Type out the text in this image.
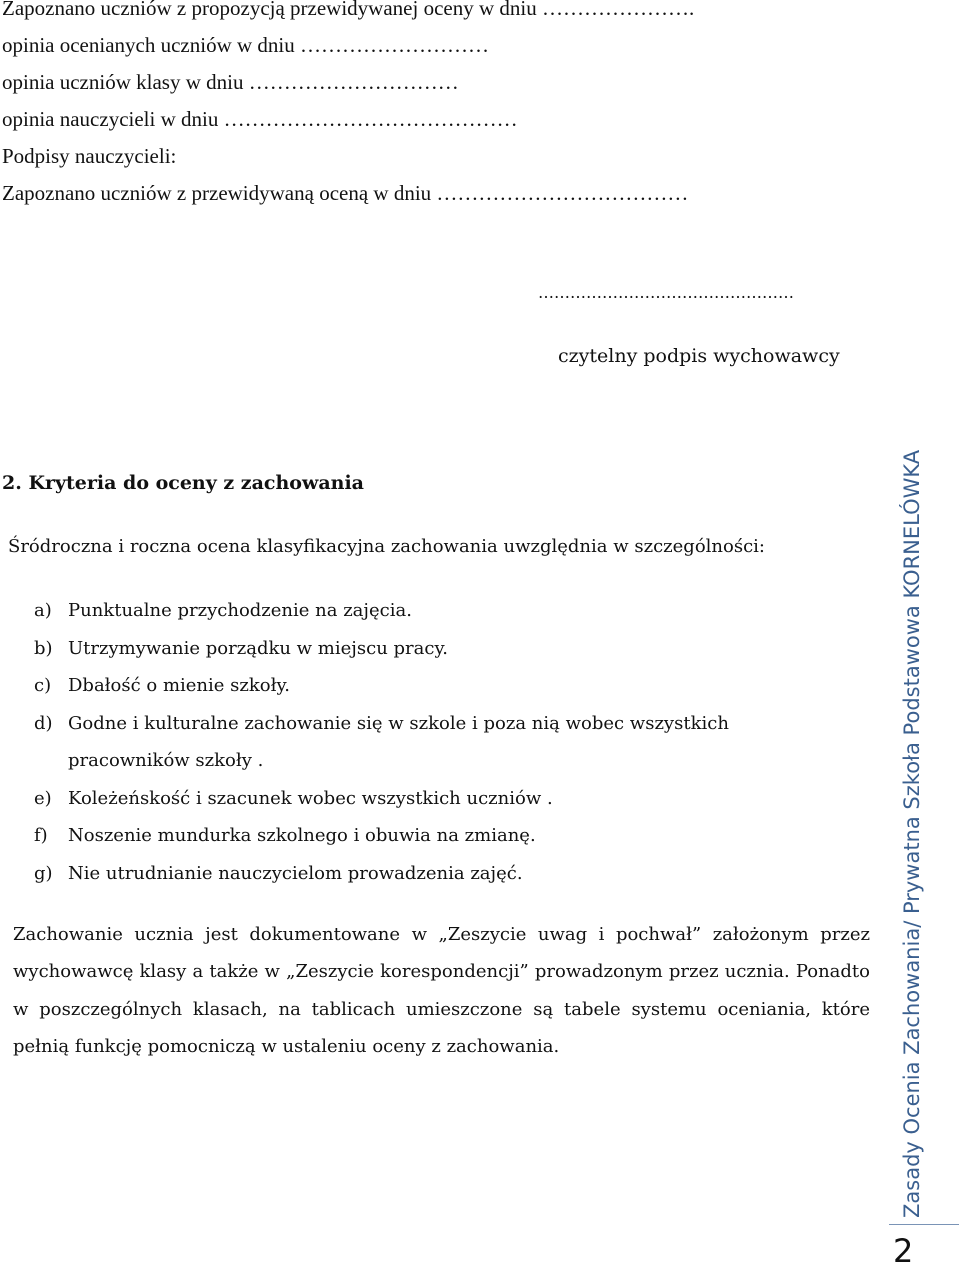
Zapoznano uczniów z propozycją przewidywanej oceny w dniu ………………….

opinia ocenianych uczniów w dniu ………………………

opinia uczniów klasy w dniu …………………………

opinia nauczycieli w dniu ……………………………………

Podpisy nauczycieli:

Zapoznano uczniów z przewidywaną oceną w dniu ………………………………

…………………………………………

czytelny podpis wychowawcy

2. Kryteria do oceny z zachowania

Śródroczna i roczna ocena klasyfikacyjna zachowania uwzględnia w szczególności:

a) Punktualne przychodzenie na zajęcia.
b) Utrzymywanie porządku w miejscu pracy.
c) Dbałość o mienie szkoły.
d) Godne i kulturalne zachowanie się w szkole i poza nią wobec wszystkich
pracowników szkoły .
e) Koleżeńskość i szacunek wobec wszystkich uczniów .
f) Noszenie mundurka szkolnego i obuwia na zmianę.
g) Nie utrudnianie nauczycielom prowadzenia zajęć.

Zachowanie ucznia jest dokumentowane w „Zeszycie uwag i pochwał” założonym przez wychowawcę klasy a także w „Zeszycie korespondencji” prowadzonym przez ucznia. Ponadto w poszczególnych klasach, na tablicach umieszczone są tabele systemu oceniania, które pełnią funkcję pomocniczą w ustaleniu oceny z zachowania.	Zasady Ocenia Zachowania/ Prywatna Szkoła Podstawowa KORNELÓWKA

2
